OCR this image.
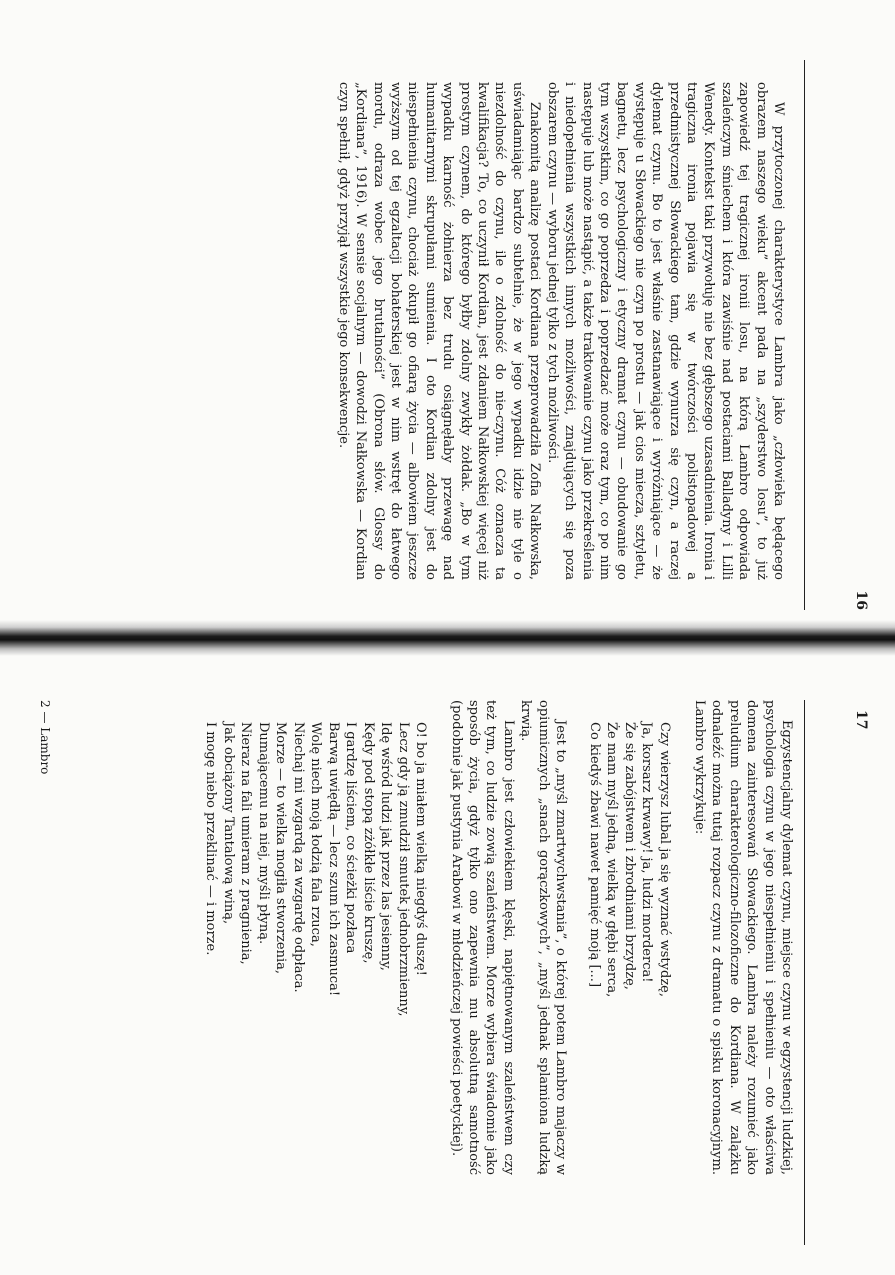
16

W przytoczonej charakterystyce Lambra jako „człowieka będącego obrazem naszego wieku” akcent pada na „szyderstwo losu”, to już zapowiedź tej tragicznej ironii losu, na którą Lambro odpowiada szaleńczym śmiechem i która zawiśnie nad postaciami Balladyny i Lilli Wenedy. Kontekst taki przywołuję nie bez głębszego uzasadnienia. Ironia i tragiczna ironia pojawia się w twórczości polistopadowej a przedmistycznej Słowackiego tam, gdzie wynurza się czyn, a raczej dylemat czynu. Bo to jest właśnie zastanawiające i wyróżniające — że występuje u Słowackiego nie czyn po prostu — jak cios miecza, sztyletu, bagnetu, lecz psychologiczny i etyczny dramat czynu — obudowanie go tym wszystkim, co go poprzedza i poprzedzać może oraz tym, co po nim następuje lub może nastąpić, a także traktowanie czynu jako przekreślenia i niedopełnienia wszystkich innych możliwości, znajdujących się poza obszarem czynu — wyboru jednej tylko z tych możliwości.

Znakomitą analizę postaci Kordiana przeprowadziła Zofia Nałkowska, uświadamiając bardzo subtelnie, że w jego wypadku idzie nie tyle o niezdolność do czynu, ile o zdolność do nie-czynu. Cóż oznacza ta kwalifikacja? To, co uczynił Kordian, jest zdaniem Nałkowskiej więcej niż prostym czynem, do którego byłby zdolny zwykły żołdak. „Bo w tym wypadku karność żołnierza bez trudu osiągnęłaby przewagę nad humanitarnymi skrupułami sumienia. I oto Kordian zdolny jest do niespełnienia czynu, chociaż okupił go ofiarą życia — albowiem jeszcze wyższym od tej egzaltacji bohaterskiej jest w nim wstręt do łatwego mordu, odraza wobec jego brutalności” (Obrona słów. Glossy do „Kordiana”, 1916). W sensie socjalnym — dowodzi Nałkowska — Kordian czyn spełnił, gdyż przyjął wszystkie jego konsekwencje.

17

Egzystencjalny dylemat czynu, miejsce czynu w egzystencji ludzkiej, psychologia czynu w jego niespełnieniu i spełnieniu — oto właściwa domena zainteresowań Słowackiego. Lambra należy rozumieć jako preludium charakterologiczno-filozoficzne do Kordiana. W zalążku odnaleźć można tutaj rozpacz czynu z dramatu o spisku koronacyjnym. Lambro wykrzykuje:

Czy wierzysz lubal ja się wyznać wstydzę,
Ja, korsarz krwawy! ja, ludzi morderca!
Że się zabójstwem i zbrodniami brzydzę,
Że mam myśl jedną, wielką w głębi serca,
Co kiedyś zbawi nawet pamięć moją [...]

Jest to „myśl zmartwychwstania”, o której potem Lambro majaczy w opiumicznych „snach gorączkowych”, „myśl jednak splamiona ludzką krwią.

Lambro jest człowiekiem klęski, napiętnowanym szaleństwem czy też tym, co ludzie zowią szaleństwem. Morze wybiera świadomie jako sposób życia, gdyż tylko ono zapewnia mu absolutną samotność (podobnie jak pustynia Arabowi w młodzieńczej powieści poetyckiej).

O! bo ja miałem wielką niegdyś duszę!
Lecz gdy ją zmudził smutek jednobrzmienny,
Idę wśród ludzi jak przez las jesienny,
Kędy pod stopą zżółkłe liście kruszę,
I gardzę liściem, co ścieżki pozłaca
Barwą uwiędłą — lecz szum ich zasmuca!
Wolę niech moją łodzią fala rzuca,
Niechaj mi wzgardą za wzgardę odpłaca.
Morze — to wielka mogiła stworzenia,
Dumającemu na niej, myśli płyną.
Nieraz na fali umieram z pragnienia,
Jak obciążony Tantalową winą,
I mogę niebo przeklinać — i morze.
2 — Lambro
